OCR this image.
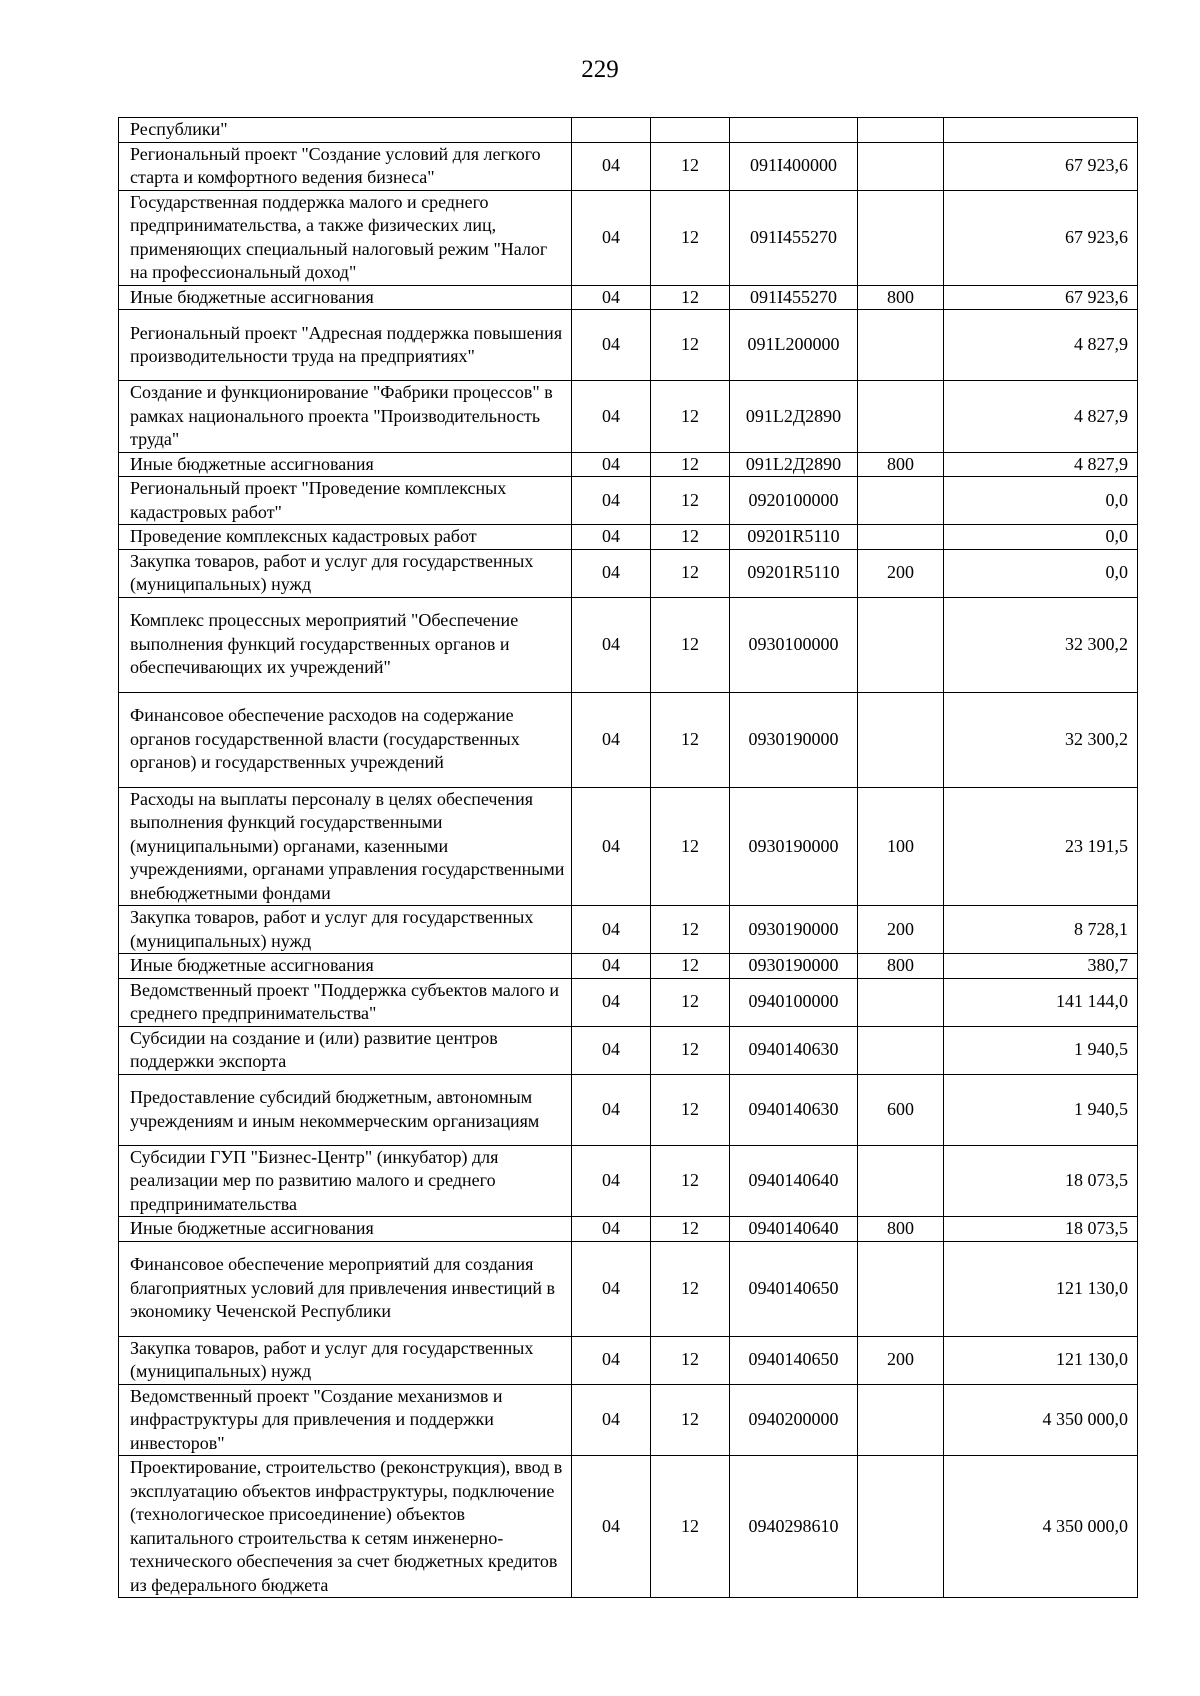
229
Республики"					
Региональный проект "Создание условий для легкого старта и комфортного ведения бизнеса"	04	12	091I400000		67 923,6
Государственная поддержка малого и среднего предпринимательства, а также физических лиц, применяющих специальный налоговый режим "Налог на профессиональный доход"	04	12	091I455270		67 923,6
Иные бюджетные ассигнования	04	12	091I455270	800	67 923,6
Региональный проект "Адресная поддержка повышения производительности труда на предприятиях"	04	12	091L200000		4 827,9
Создание и функционирование "Фабрики процессов" в рамках национального проекта "Производительность труда"	04	12	091L2Д2890		4 827,9
Иные бюджетные ассигнования	04	12	091L2Д2890	800	4 827,9
Региональный проект "Проведение комплексных кадастровых работ"	04	12	0920100000		0,0
Проведение комплексных кадастровых работ	04	12	09201R5110		0,0
Закупка товаров, работ и услуг для государственных (муниципальных) нужд	04	12	09201R5110	200	0,0
Комплекс процессных мероприятий "Обеспечение выполнения функций государственных органов и обеспечивающих их учреждений"	04	12	0930100000		32 300,2
Финансовое обеспечение расходов на содержание органов государственной власти (государственных органов) и государственных учреждений	04	12	0930190000		32 300,2
Расходы на выплаты персоналу в целях обеспечения выполнения функций государственными (муниципальными) органами, казенными учреждениями, органами управления государственными внебюджетными фондами	04	12	0930190000	100	23 191,5
Закупка товаров, работ и услуг для государственных (муниципальных) нужд	04	12	0930190000	200	8 728,1
Иные бюджетные ассигнования	04	12	0930190000	800	380,7
Ведомственный проект "Поддержка субъектов малого и среднего предпринимательства"	04	12	0940100000		141 144,0
Субсидии на создание и (или) развитие центров поддержки экспорта	04	12	0940140630		1 940,5
Предоставление субсидий бюджетным, автономным учреждениям и иным некоммерческим организациям	04	12	0940140630	600	1 940,5
Субсидии ГУП "Бизнес-Центр" (инкубатор) для реализации мер по развитию малого и среднего предпринимательства	04	12	0940140640		18 073,5
Иные бюджетные ассигнования	04	12	0940140640	800	18 073,5
Финансовое обеспечение мероприятий для создания благоприятных условий для привлечения инвестиций в экономику Чеченской Республики	04	12	0940140650		121 130,0
Закупка товаров, работ и услуг для государственных (муниципальных) нужд	04	12	0940140650	200	121 130,0
Ведомственный проект "Создание механизмов и инфраструктуры для привлечения и поддержки инвесторов"	04	12	0940200000		4 350 000,0
Проектирование, строительство (реконструкция), ввод в эксплуатацию объектов инфраструктуры, подключение (технологическое присоединение) объектов капитального строительства к сетям инженерно-технического обеспечения за счет бюджетных кредитов из федерального бюджета	04	12	0940298610		4 350 000,0
